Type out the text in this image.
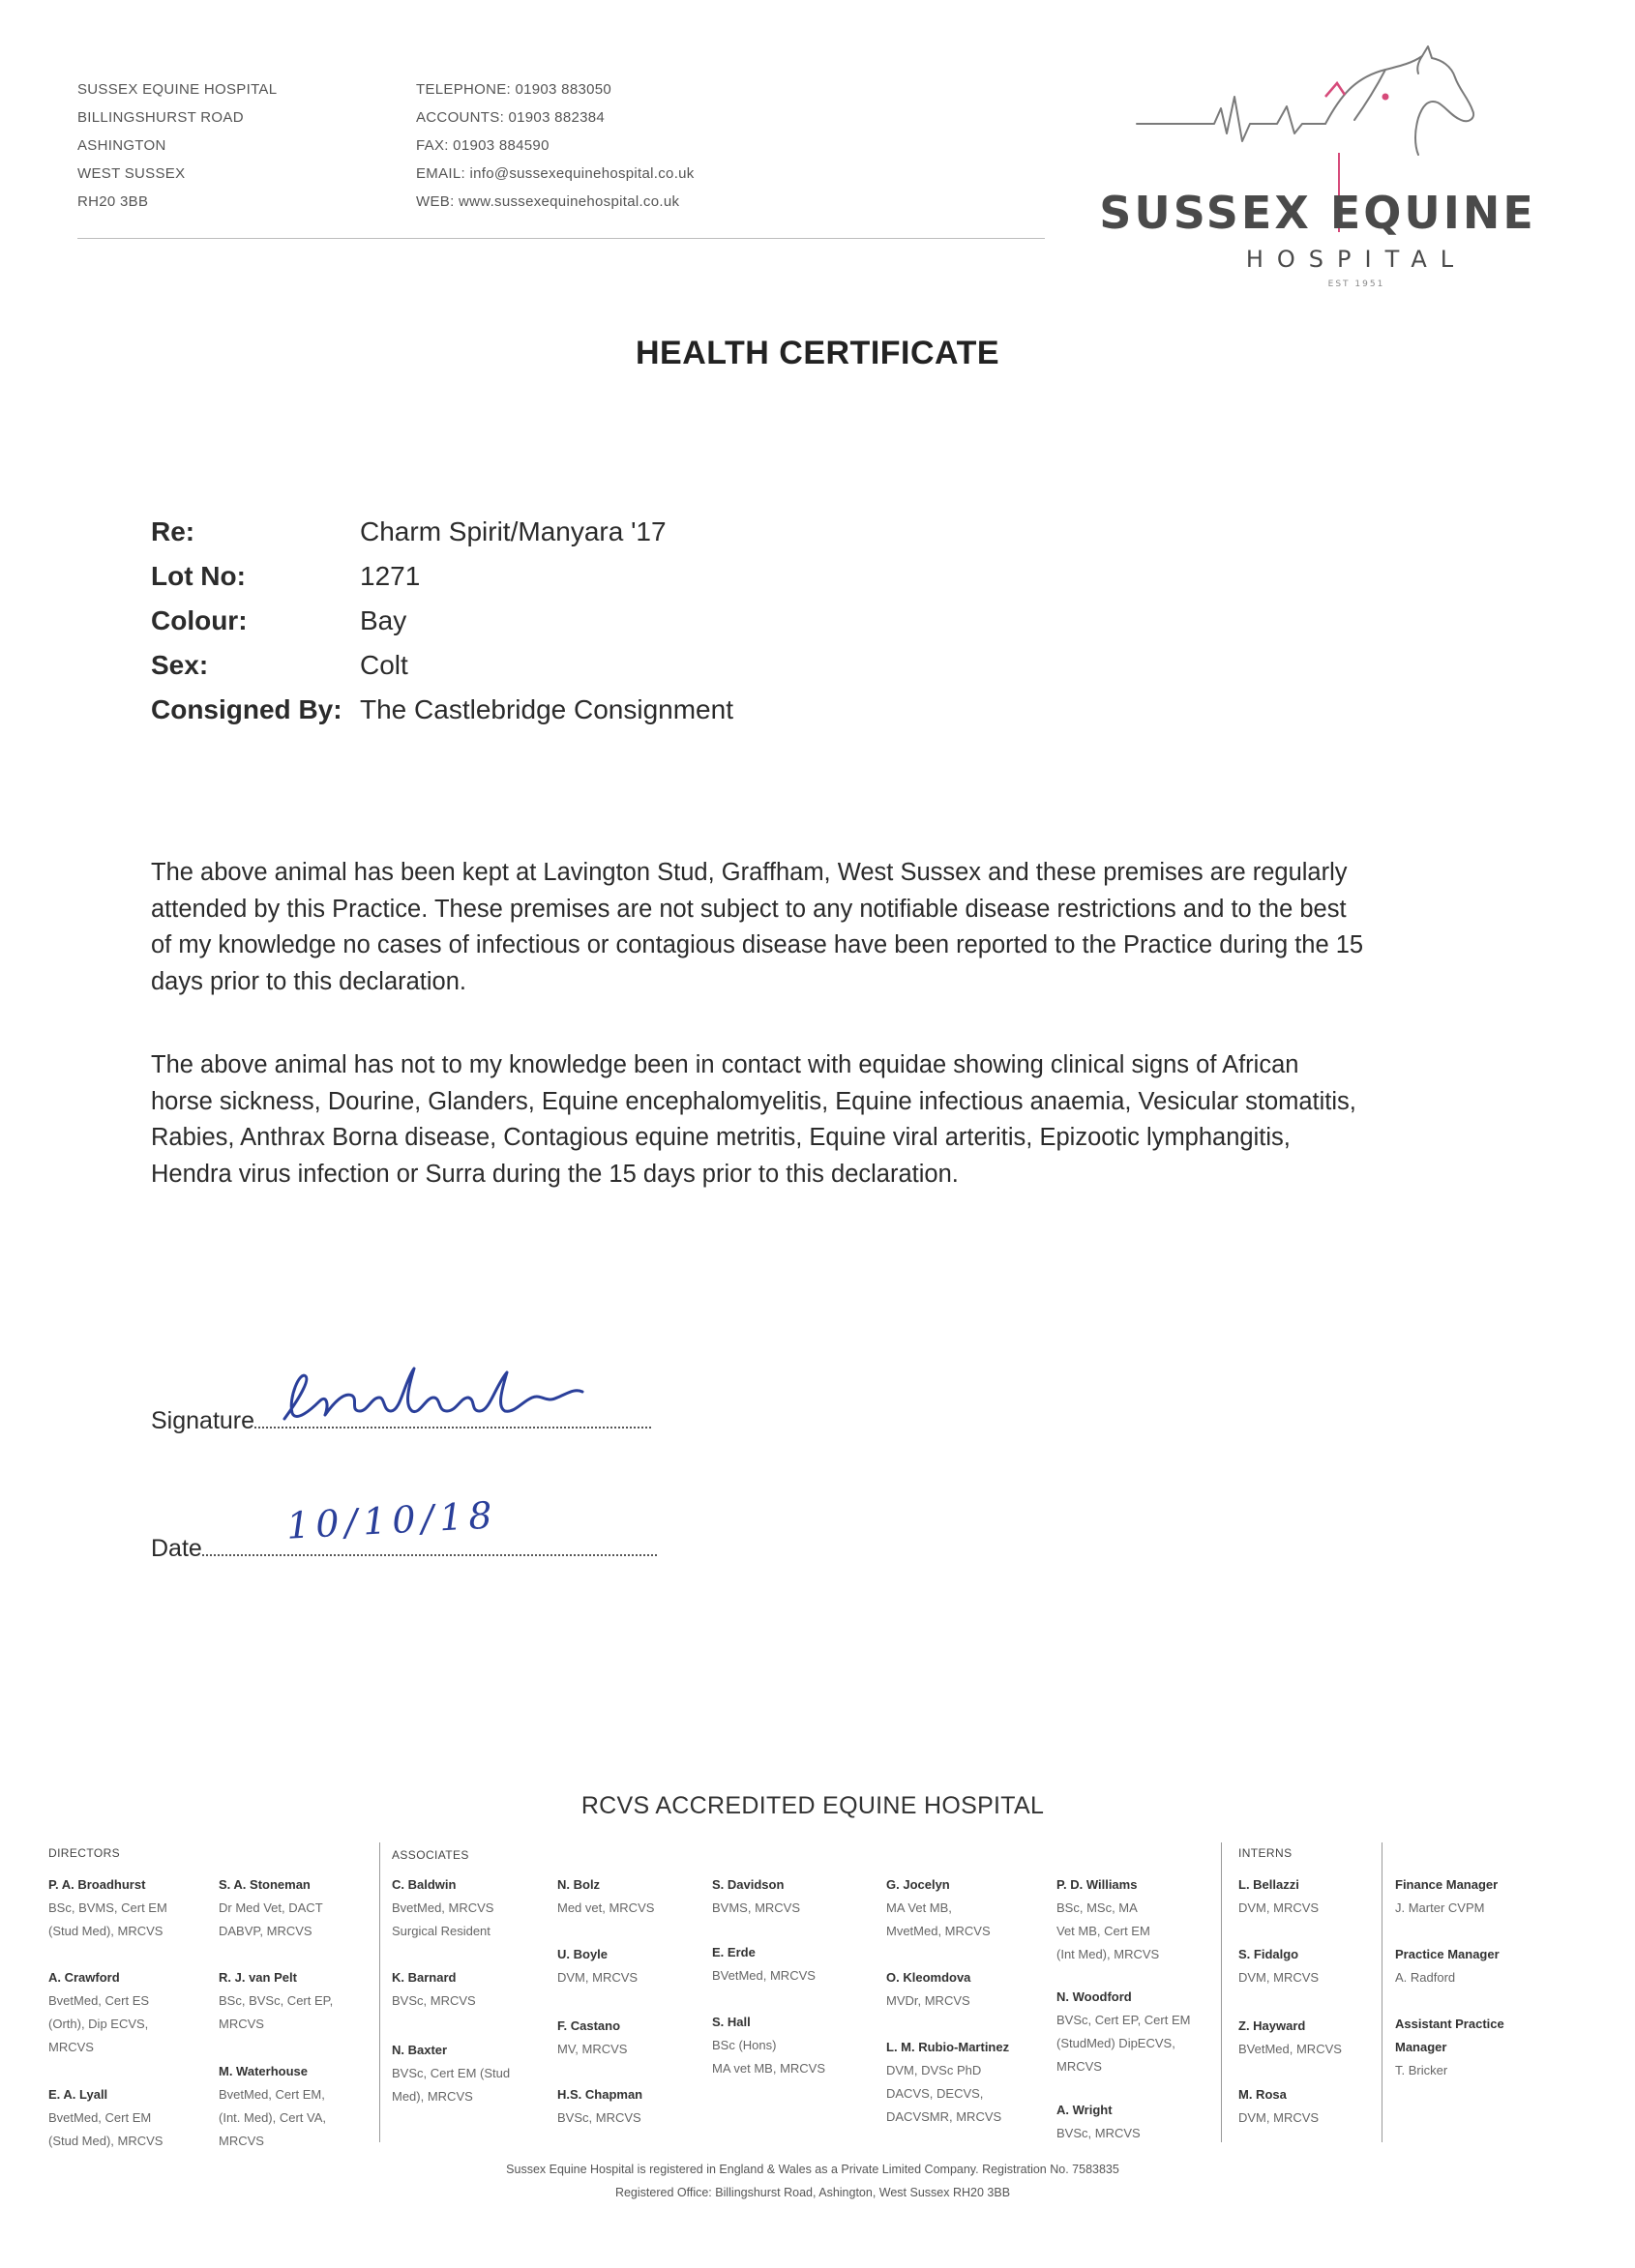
SUSSEX EQUINE HOSPITAL
BILLINGSHURST ROAD
ASHINGTON
WEST SUSSEX
RH20 3BB
TELEPHONE: 01903 883050
ACCOUNTS: 01903 882384
FAX: 01903 884590
EMAIL: info@sussexequinehospital.co.uk
WEB: www.sussexequinehospital.co.uk	SUSSEX EQUINE
HOSPITAL
EST 1951
HEALTH CERTIFICATE
Re:	Charm Spirit/Manyara '17
Lot No:	1271
Colour:	Bay
Sex:	Colt
Consigned By: The Castlebridge Consignment
The above animal has been kept at Lavington Stud, Graffham, West Sussex and these premises are regularly
attended by this Practice. These premises are not subject to any notifiable disease restrictions and to the best
of my knowledge no cases of infectious or contagious disease have been reported to the Practice during the 15
days prior to this declaration.
The above animal has not to my knowledge been in contact with equidae showing clinical signs of African
horse sickness, Dourine, Glanders, Equine encephalomyelitis, Equine infectious anaemia, Vesicular stomatitis,
Rabies, Anthrax Borna disease, Contagious equine metritis, Equine viral arteritis, Epizootic lymphangitis,
Hendra virus infection or Surra during the 15 days prior to this declaration.
Signature
Date
10/10/18
RCVS ACCREDITED EQUINE HOSPITAL
DIRECTORS	ASSOCIATES	INTERNS
P. A. Broadhurst
BSc, BVMS, Cert EM
(Stud Med), MRCVS
A. Crawford
BvetMed, Cert ES
(Orth), Dip ECVS,
MRCVS
E. A. Lyall
BvetMed, Cert EM
(Stud Med), MRCVS
S. A. Stoneman
Dr Med Vet, DACT
DABVP, MRCVS
R. J. van Pelt
BSc, BVSc, Cert EP,
MRCVS
M. Waterhouse
BvetMed, Cert EM,
(Int. Med), Cert VA,
MRCVS
C. Baldwin
BvetMed, MRCVS
Surgical Resident
K. Barnard
BVSc, MRCVS
N. Baxter
BVSc, Cert EM (Stud
Med), MRCVS
N. Bolz
Med vet, MRCVS
U. Boyle
DVM, MRCVS
F. Castano
MV, MRCVS
H.S. Chapman
BVSc, MRCVS
S. Davidson
BVMS, MRCVS
E. Erde
BVetMed, MRCVS
S. Hall
BSc (Hons)
MA vet MB, MRCVS
G. Jocelyn
MA Vet MB,
MvetMed, MRCVS
O. Kleomdova
MVDr, MRCVS
L. M. Rubio-Martinez
DVM, DVSc PhD
DACVS, DECVS,
DACVSMR, MRCVS
P. D. Williams
BSc, MSc, MA
Vet MB, Cert EM
(Int Med), MRCVS
N. Woodford
BVSc, Cert EP, Cert EM
(StudMed) DipECVS,
MRCVS
A. Wright
BVSc, MRCVS
L. Bellazzi
DVM, MRCVS
S. Fidalgo
DVM, MRCVS
Z. Hayward
BVetMed, MRCVS
M. Rosa
DVM, MRCVS
Finance Manager
J. Marter CVPM
Practice Manager
A. Radford
Assistant Practice
Manager
T. Bricker
Sussex Equine Hospital is registered in England & Wales as a Private Limited Company. Registration No. 7583835
Registered Office: Billingshurst Road, Ashington, West Sussex RH20 3BB
